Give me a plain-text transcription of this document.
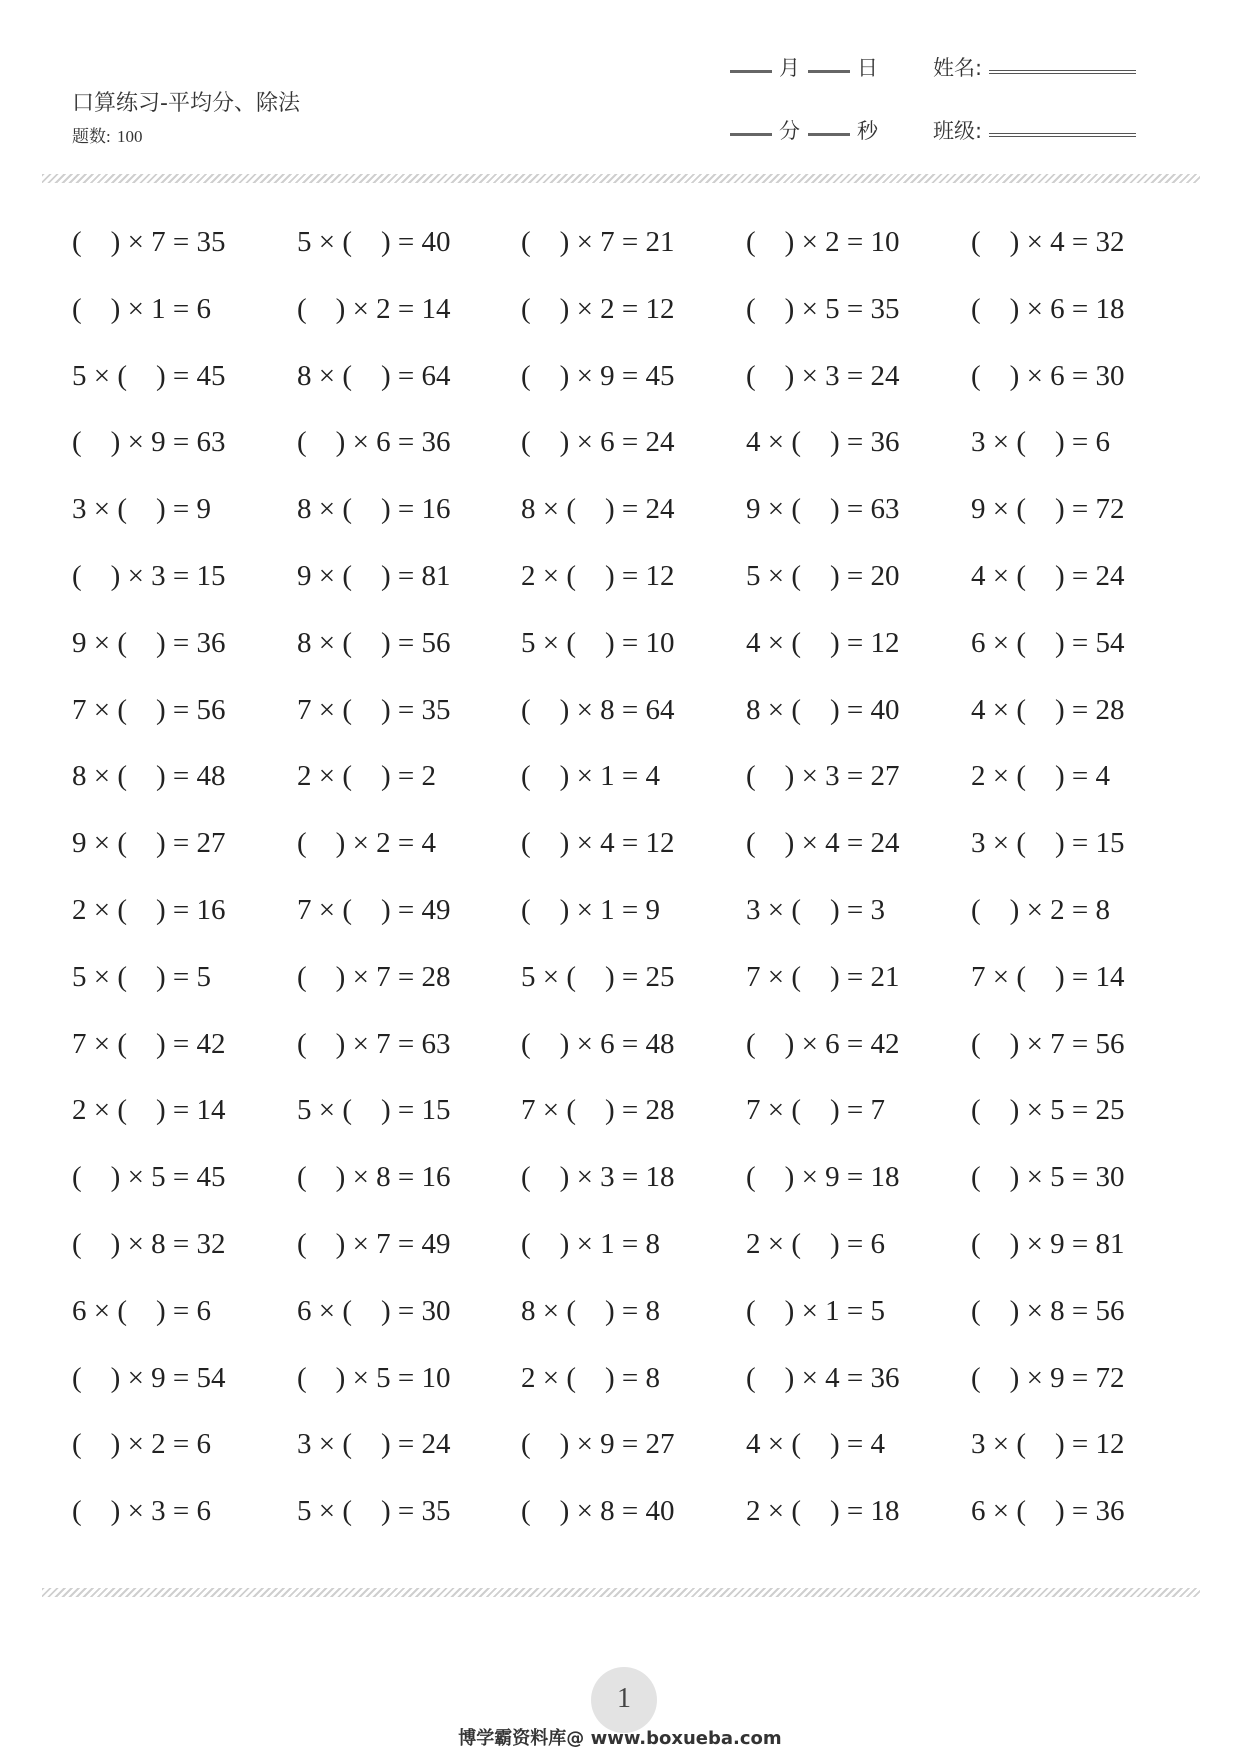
口算练习-平均分、除法
题数: 100
月	日	姓名:
分	秒	班级:
(    ) × 7 = 35 5 × (    ) = 40 (    ) × 7 = 21 (    ) × 2 = 10 (    ) × 4 = 32
(    ) × 1 = 6	(    ) × 2 = 14 (    ) × 2 = 12 (    ) × 5 = 35 (    ) × 6 = 18
5 × (    ) = 45 8 × (    ) = 64 (    ) × 9 = 45 (    ) × 3 = 24 (    ) × 6 = 30
(    ) × 9 = 63 (    ) × 6 = 36 (    ) × 6 = 24 4 × (    ) = 36 3 × (    ) = 6
3 × (    ) = 9	8 × (    ) = 16 8 × (    ) = 24 9 × (    ) = 63 9 × (    ) = 72
(    ) × 3 = 15 9 × (    ) = 81 2 × (    ) = 12 5 × (    ) = 20 4 × (    ) = 24
9 × (    ) = 36 8 × (    ) = 56 5 × (    ) = 10 4 × (    ) = 12 6 × (    ) = 54
7 × (    ) = 56 7 × (    ) = 35 (    ) × 8 = 64 8 × (    ) = 40 4 × (    ) = 28
8 × (    ) = 48 2 × (    ) = 2	(    ) × 1 = 4	(    ) × 3 = 27 2 × (    ) = 4
9 × (    ) = 27 (    ) × 2 = 4	(    ) × 4 = 12 (    ) × 4 = 24 3 × (    ) = 15
2 × (    ) = 16 7 × (    ) = 49 (    ) × 1 = 9	3 × (    ) = 3	(    ) × 2 = 8
5 × (    ) = 5	(    ) × 7 = 28 5 × (    ) = 25 7 × (    ) = 21 7 × (    ) = 14
7 × (    ) = 42 (    ) × 7 = 63 (    ) × 6 = 48 (    ) × 6 = 42 (    ) × 7 = 56
2 × (    ) = 14 5 × (    ) = 15 7 × (    ) = 28 7 × (    ) = 7	(    ) × 5 = 25
(    ) × 5 = 45 (    ) × 8 = 16 (    ) × 3 = 18 (    ) × 9 = 18 (    ) × 5 = 30
(    ) × 8 = 32 (    ) × 7 = 49 (    ) × 1 = 8	2 × (    ) = 6	(    ) × 9 = 81
6 × (    ) = 6	6 × (    ) = 30 8 × (    ) = 8	(    ) × 1 = 5	(    ) × 8 = 56
(    ) × 9 = 54 (    ) × 5 = 10 2 × (    ) = 8	(    ) × 4 = 36 (    ) × 9 = 72
(    ) × 2 = 6	3 × (    ) = 24 (    ) × 9 = 27 4 × (    ) = 4	3 × (    ) = 12
(    ) × 3 = 6	5 × (    ) = 35 (    ) × 8 = 40 2 × (    ) = 18 6 × (    ) = 36
1
博学霸资料库@ www.boxueba.com
